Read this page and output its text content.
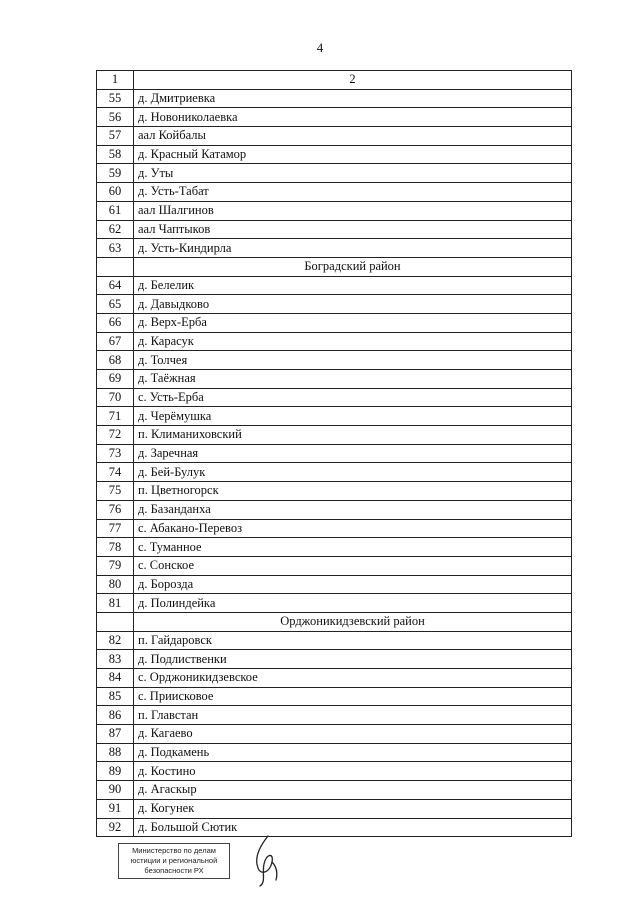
4
1	2
55	д. Дмитриевка
56	д. Новониколаевка
57	аал Койбалы
58	д. Красный Катамор
59	д. Уты
60	д. Усть-Табат
61	аал Шалгинов
62	аал Чаптыков
63	д. Усть-Киндирла
	Боградский район
64	д. Белелик
65	д. Давыдково
66	д. Верх-Ерба
67	д. Карасук
68	д. Толчея
69	д. Таёжная
70	с. Усть-Ерба
71	д. Черёмушка
72	п. Климаниховский
73	д. Заречная
74	д. Бей-Булук
75	п. Цветногорск
76	д. Базанданха
77	с. Абакано-Перевоз
78	с. Туманное
79	с. Сонское
80	д. Борозда
81	д. Полиндейка
	Орджоникидзевский район
82	п. Гайдаровск
83	д. Подлиственки
84	с. Орджоникидзевское
85	с. Приисковое
86	п. Главстан
87	д. Кагаево
88	д. Подкамень
89	д. Костино
90	д. Агаскыр
91	д. Когунек
92	д. Большой Сютик
Министерство по делам
юстиции и региональной
безопасности РХ
